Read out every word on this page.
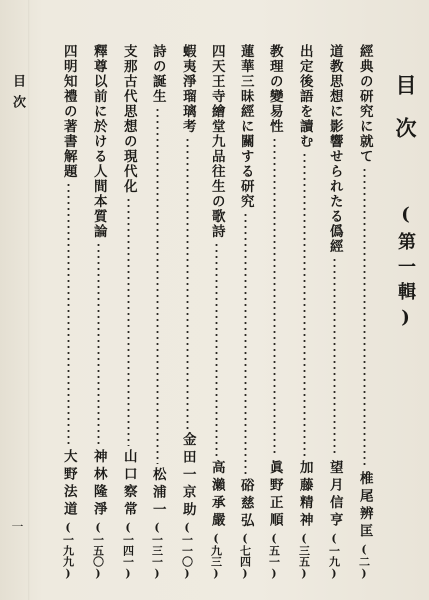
目次
一
目次
(第一輯)
經典の研究に就て
椎尾辨匡
(二)
道教思想に影響せられたる僞經
望月信亨
(一九)
出定後語を讀む
加藤精神
(三五)
教理の變易性
眞野正順
(五一)
蓮華三昧經に關する研究
硲慈弘
(七四)
四天王寺繪堂九品往生の歌詩
高瀨承嚴
(九三)
蝦夷淨瑠璃考
金田一京助
(一一〇)
詩の誕生
松浦一
(一三一)
支那古代思想の現代化
山口察常
(一四一)
釋尊以前に於ける人間本質論
神林隆淨
(一五〇)
四明知禮の著書解題
大野法道
(一九九)
